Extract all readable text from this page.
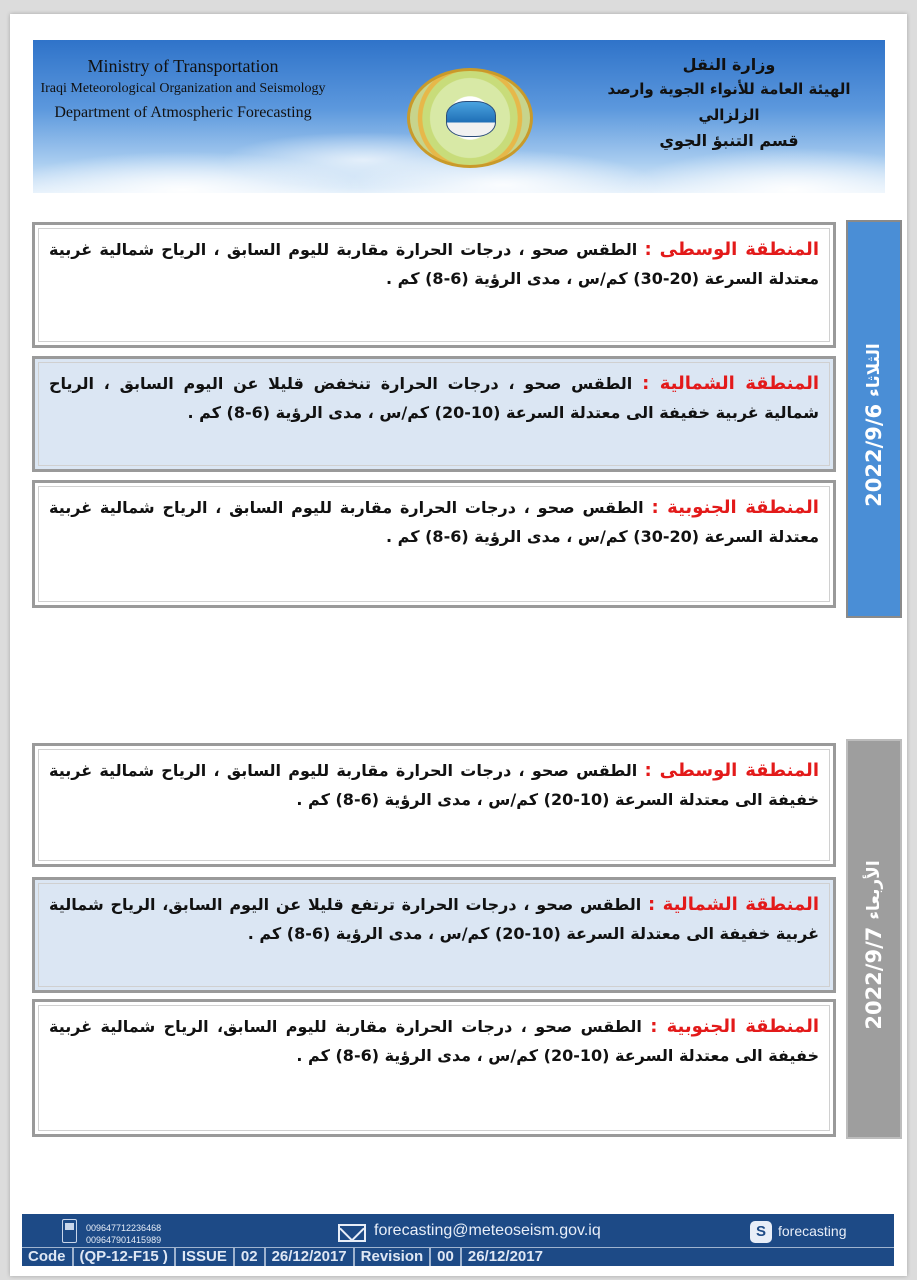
Ministry of Transportation
Iraqi Meteorological Organization and Seismology
Department of Atmospheric Forecasting
وزارة النقل
الهيئة العامة للأنواء الجوية وارصد الزلزالي
قسم التنبؤ الجوي
الثلاثاء 2022/9/6
المنطقة الوسطى : الطقس صحو ، درجات الحرارة مقاربة لليوم السابق ، الرياح شمالية غربية معتدلة السرعة (20-30) كم/س ، مدى الرؤية (6-8) كم .
المنطقة الشمالية : الطقس صحو ، درجات الحرارة تنخفض قليلا عن اليوم السابق ، الرياح شمالية غربية خفيفة الى معتدلة السرعة (10-20) كم/س ، مدى الرؤية (6-8) كم .
المنطقة الجنوبية : الطقس صحو ، درجات الحرارة مقاربة لليوم السابق ، الرياح شمالية غربية معتدلة السرعة (20-30) كم/س ، مدى الرؤية (6-8) كم .
الأربعاء 2022/9/7
المنطقة الوسطى : الطقس صحو ، درجات الحرارة مقاربة لليوم السابق ، الرياح شمالية غربية خفيفة الى معتدلة السرعة (10-20) كم/س ، مدى الرؤية (6-8) كم .
المنطقة الشمالية : الطقس صحو ، درجات الحرارة ترتفع قليلا عن اليوم السابق، الرياح شمالية غربية خفيفة الى معتدلة السرعة (10-20) كم/س ، مدى الرؤية (6-8) كم .
المنطقة الجنوبية : الطقس صحو ، درجات الحرارة مقاربة لليوم السابق، الرياح شمالية غربية خفيفة الى معتدلة السرعة (10-20) كم/س ، مدى الرؤية (6-8) كم .
009647712236468
009647901415989
forecasting@meteoseism.gov.iq	S forecasting
Code (QP-12-F15 ) ISSUE 02 26/12/2017 Revision 00 26/12/2017
